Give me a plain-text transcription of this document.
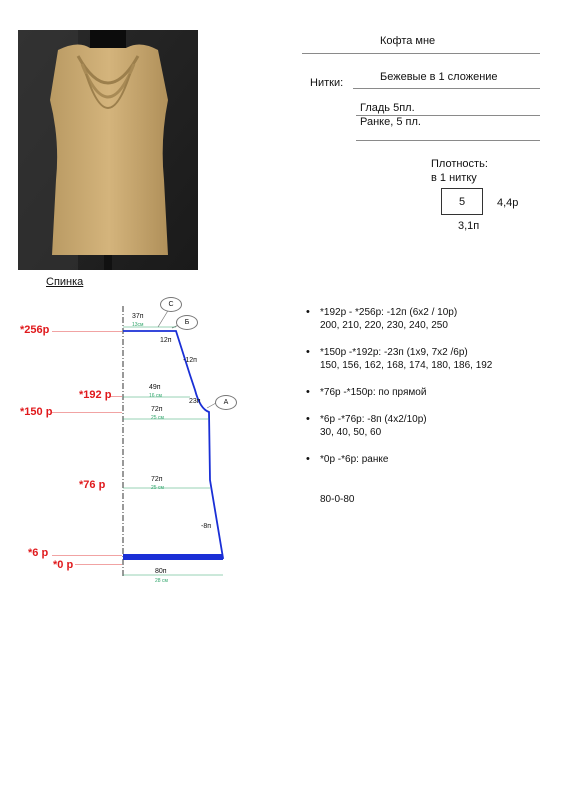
Кофта мне
Нитки:	Бежевые в 1 сложение
Гладь 5пл.
Ранке, 5 пл.
Плотность:
в 1 нитку
5	4,4р
3,1п
Спинка
*256р
*192 р
*150 р
*76 р
*6 р
*0 р
37п
13см
12п
-12п
23п
49п
16 см
72п
25 см
72п
25 см
-8п
80п
28 см
С
Б
А
• *192р - *256р: -12п (6х2 / 10р)
200, 210, 220, 230, 240, 250
• *150р -*192р: -23п (1х9, 7х2 /6р)
150, 156, 162, 168, 174, 180, 186, 192
• *76р -*150р: по прямой
• *6р -*76р: -8п (4х2/10р)
30, 40, 50, 60
• *0р -*6р: ранке
80-0-80
